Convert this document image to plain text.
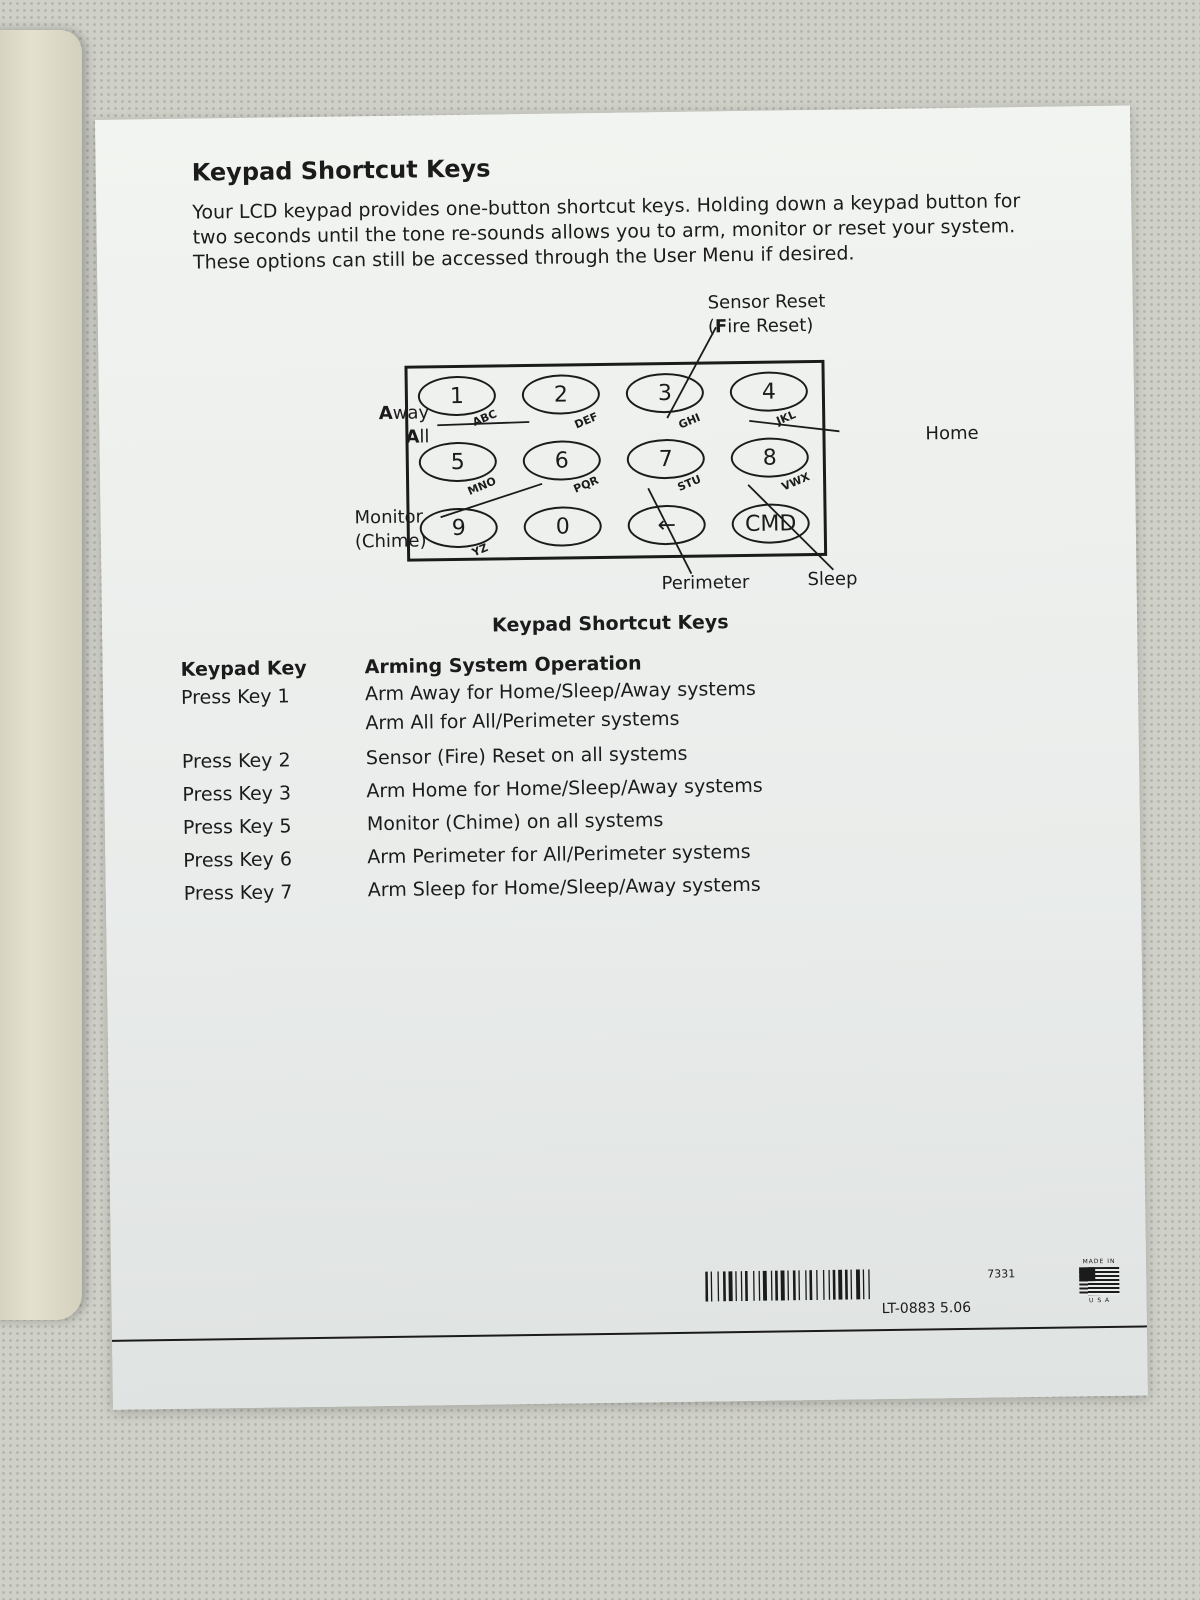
Keypad Shortcut Keys
Your LCD keypad provides one-button shortcut keys. Holding down a keypad button for two seconds until the tone re-sounds allows you to arm, monitor or reset your system. These options can still be accessed through the User Menu if desired.
1
ABC
2
DEF
3
GHI
4
JKL
5
MNO
6
PQR
7
STU
8
VWX
9
YZ
0	←	CMD
Sensor Reset
(Fire Reset)
Away
All	Home
Monitor
(Chime)
Perimeter	Sleep
Keypad Shortcut Keys
Keypad Key	Arming System Operation
Press Key 1	Arm Away for Home/Sleep/Away systems
Arm All for All/Perimeter systems
Press Key 2	Sensor (Fire) Reset on all systems
Press Key 3	Arm Home for Home/Sleep/Away systems
Press Key 5	Monitor (Chime) on all systems
Press Key 6	Arm Perimeter for All/Perimeter systems
Press Key 7	Arm Sleep for Home/Sleep/Away systems
7331
LT-0883 5.06
MADE IN
U S A
